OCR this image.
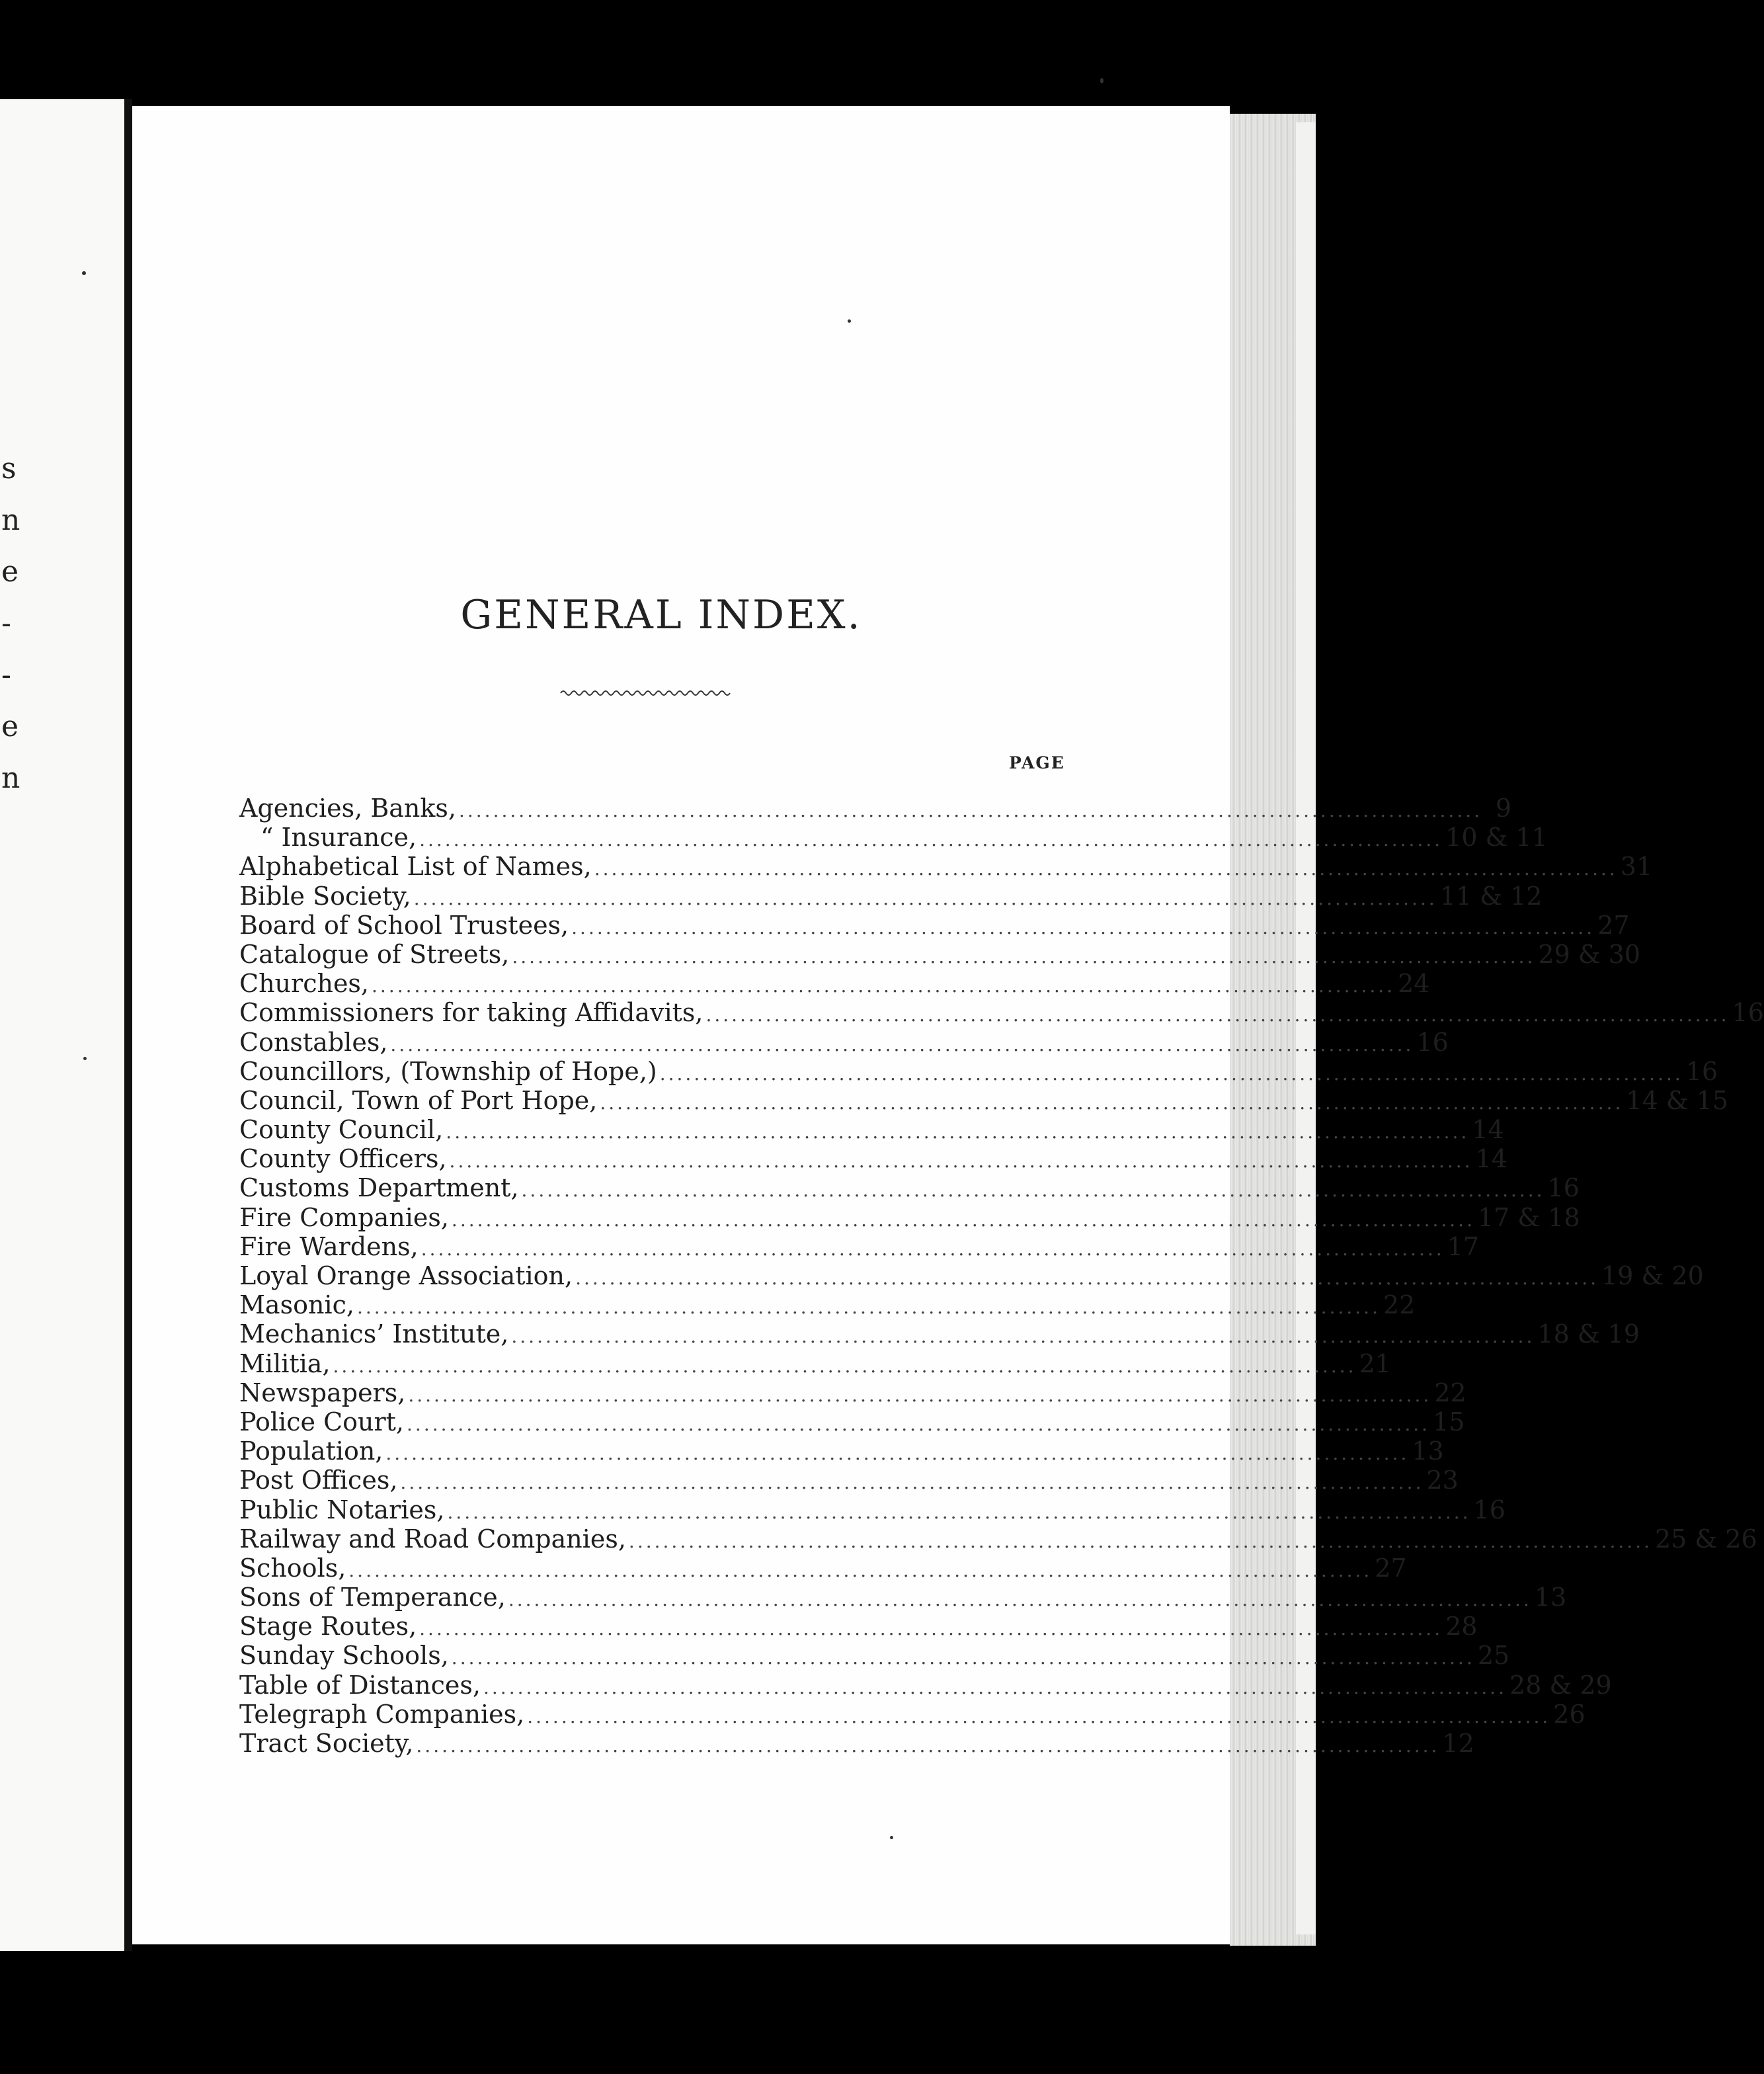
s
n
e
-
-
e
n
GENERAL INDEX.
PAGE
Agencies, Banks, ........................................................................................................................ 9
“ Insurance, ........................................................................................................................ 10 & 11
Alphabetical List of Names, ........................................................................................................................ 31
Bible Society, ........................................................................................................................ 11 & 12
Board of School Trustees, ........................................................................................................................ 27
Catalogue of Streets, ........................................................................................................................ 29 & 30
Churches, ........................................................................................................................ 24
Commissioners for taking Affidavits, ........................................................................................................................ 16
Constables, ........................................................................................................................ 16
Councillors, (Township of Hope,) ........................................................................................................................ 16
Council, Town of Port Hope, ........................................................................................................................ 14 & 15
County Council, ........................................................................................................................ 14
County Officers, ........................................................................................................................ 14
Customs Department, ........................................................................................................................ 16
Fire Companies, ........................................................................................................................ 17 & 18
Fire Wardens, ........................................................................................................................ 17
Loyal Orange Association, ........................................................................................................................ 19 & 20
Masonic, ........................................................................................................................ 22
Mechanics’ Institute, ........................................................................................................................ 18 & 19
Militia, ........................................................................................................................ 21
Newspapers, ........................................................................................................................ 22
Police Court, ........................................................................................................................ 15
Population, ........................................................................................................................ 13
Post Offices, ........................................................................................................................ 23
Public Notaries, ........................................................................................................................ 16
Railway and Road Companies, ........................................................................................................................ 25 & 26
Schools, ........................................................................................................................ 27
Sons of Temperance, ........................................................................................................................ 13
Stage Routes, ........................................................................................................................ 28
Sunday Schools, ........................................................................................................................ 25
Table of Distances, ........................................................................................................................ 28 & 29
Telegraph Companies, ........................................................................................................................ 26
Tract Society, ........................................................................................................................ 12
